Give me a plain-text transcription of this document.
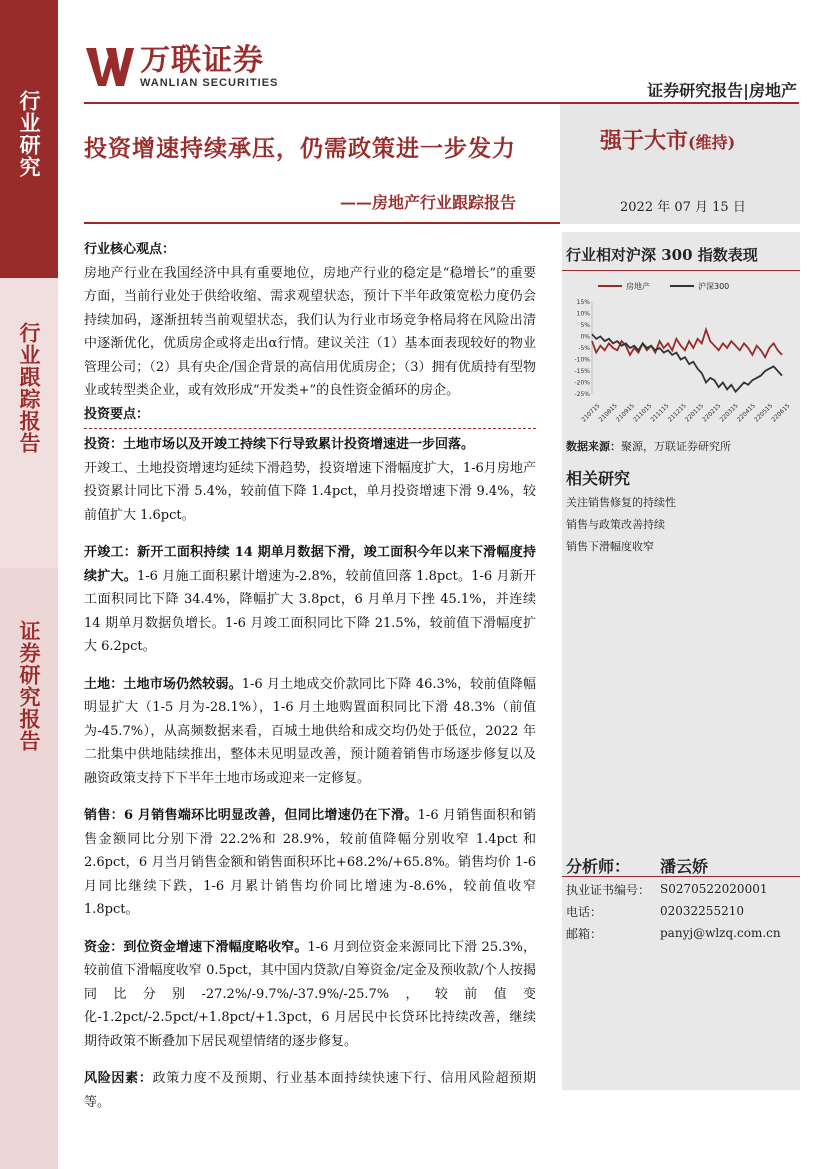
行业研究
行业跟踪报告
证券研究报告
万联证券
WANLIAN SECURITIES	证券研究报告|房地产
投资增速持续承压，仍需政策进一步发力
——房地产行业跟踪报告
强于大市(维持)
2022 年 07 月 15 日
行业相对沪深 300 指数表现
房地产	沪深300
15%
10%
5%
0%
-5%
-10%
-15%
-20%
-25%
210715
210815
210915
211015
211115
211215
220115
220215
220315
220415
220515
220615
数据来源：聚源，万联证券研究所
相关研究
关注销售修复的持续性
销售与政策改善持续
销售下滑幅度收窄
分析师：	潘云娇
执业证书编号： S0270522020001
电话：	02032255210
邮箱：	panyj@wlzq.com.cn

行业核心观点：

房地产行业在我国经济中具有重要地位，房地产行业的稳定是“稳增长”的重要方面，当前行业处于供给收缩、需求观望状态，预计下半年政策宽松力度仍会持续加码，逐渐扭转当前观望状态，我们认为行业市场竞争格局将在风险出清中逐渐优化，优质房企或将走出α行情。建议关注（1）基本面表现较好的物业管理公司；（2）具有央企/国企背景的高信用优质房企；（3）拥有优质持有型物业或转型类企业，或有效形成“开发类+”的良性资金循环的房企。

投资要点：

投资：土地市场以及开竣工持续下行导致累计投资增速进一步回落。
开竣工、土地投资增速均延续下滑趋势，投资增速下滑幅度扩大，1-6月房地产投资累计同比下滑 5.4%，较前值下降 1.4pct，单月投资增速下滑 9.4%，较前值扩大 1.6pct。

开竣工：新开工面积持续 14 期单月数据下滑，竣工面积今年以来下滑幅度持续扩大。1-6 月施工面积累计增速为-2.8%，较前值回落 1.8pct。1-6 月新开工面积同比下降 34.4%，降幅扩大 3.8pct，6 月单月下挫 45.1%，并连续 14 期单月数据负增长。1-6 月竣工面积同比下降 21.5%，较前值下滑幅度扩大 6.2pct。

土地：土地市场仍然较弱。1-6 月土地成交价款同比下降 46.3%，较前值降幅明显扩大（1-5 月为-28.1%），1-6 月土地购置面积同比下滑 48.3%（前值为-45.7%），从高频数据来看，百城土地供给和成交均仍处于低位，2022 年二批集中供地陆续推出，整体未见明显改善，预计随着销售市场逐步修复以及融资政策支持下下半年土地市场或迎来一定修复。

销售：6 月销售端环比明显改善，但同比增速仍在下滑。1-6 月销售面积和销售金额同比分别下滑 22.2%和 28.9%，较前值降幅分别收窄 1.4pct 和 2.6pct，6 月当月销售金额和销售面积环比+68.2%/+65.8%。销售均价 1-6 月同比继续下跌，1-6 月累计销售均价同比增速为-8.6%，较前值收窄 1.8pct。

资金：到位资金增速下滑幅度略收窄。1-6 月到位资金来源同比下滑 25.3%，较前值下滑幅度收窄 0.5pct，其中国内贷款/自筹资金/定金及预收款/个人按揭同比分别-27.2%/-9.7%/-37.9%/-25.7%，较前值变化-1.2pct/-2.5pct/+1.8pct/+1.3pct，6 月居民中长贷环比持续改善，继续期待政策不断叠加下居民观望情绪的逐步修复。

风险因素：政策力度不及预期、行业基本面持续快速下行、信用风险超预期等。
